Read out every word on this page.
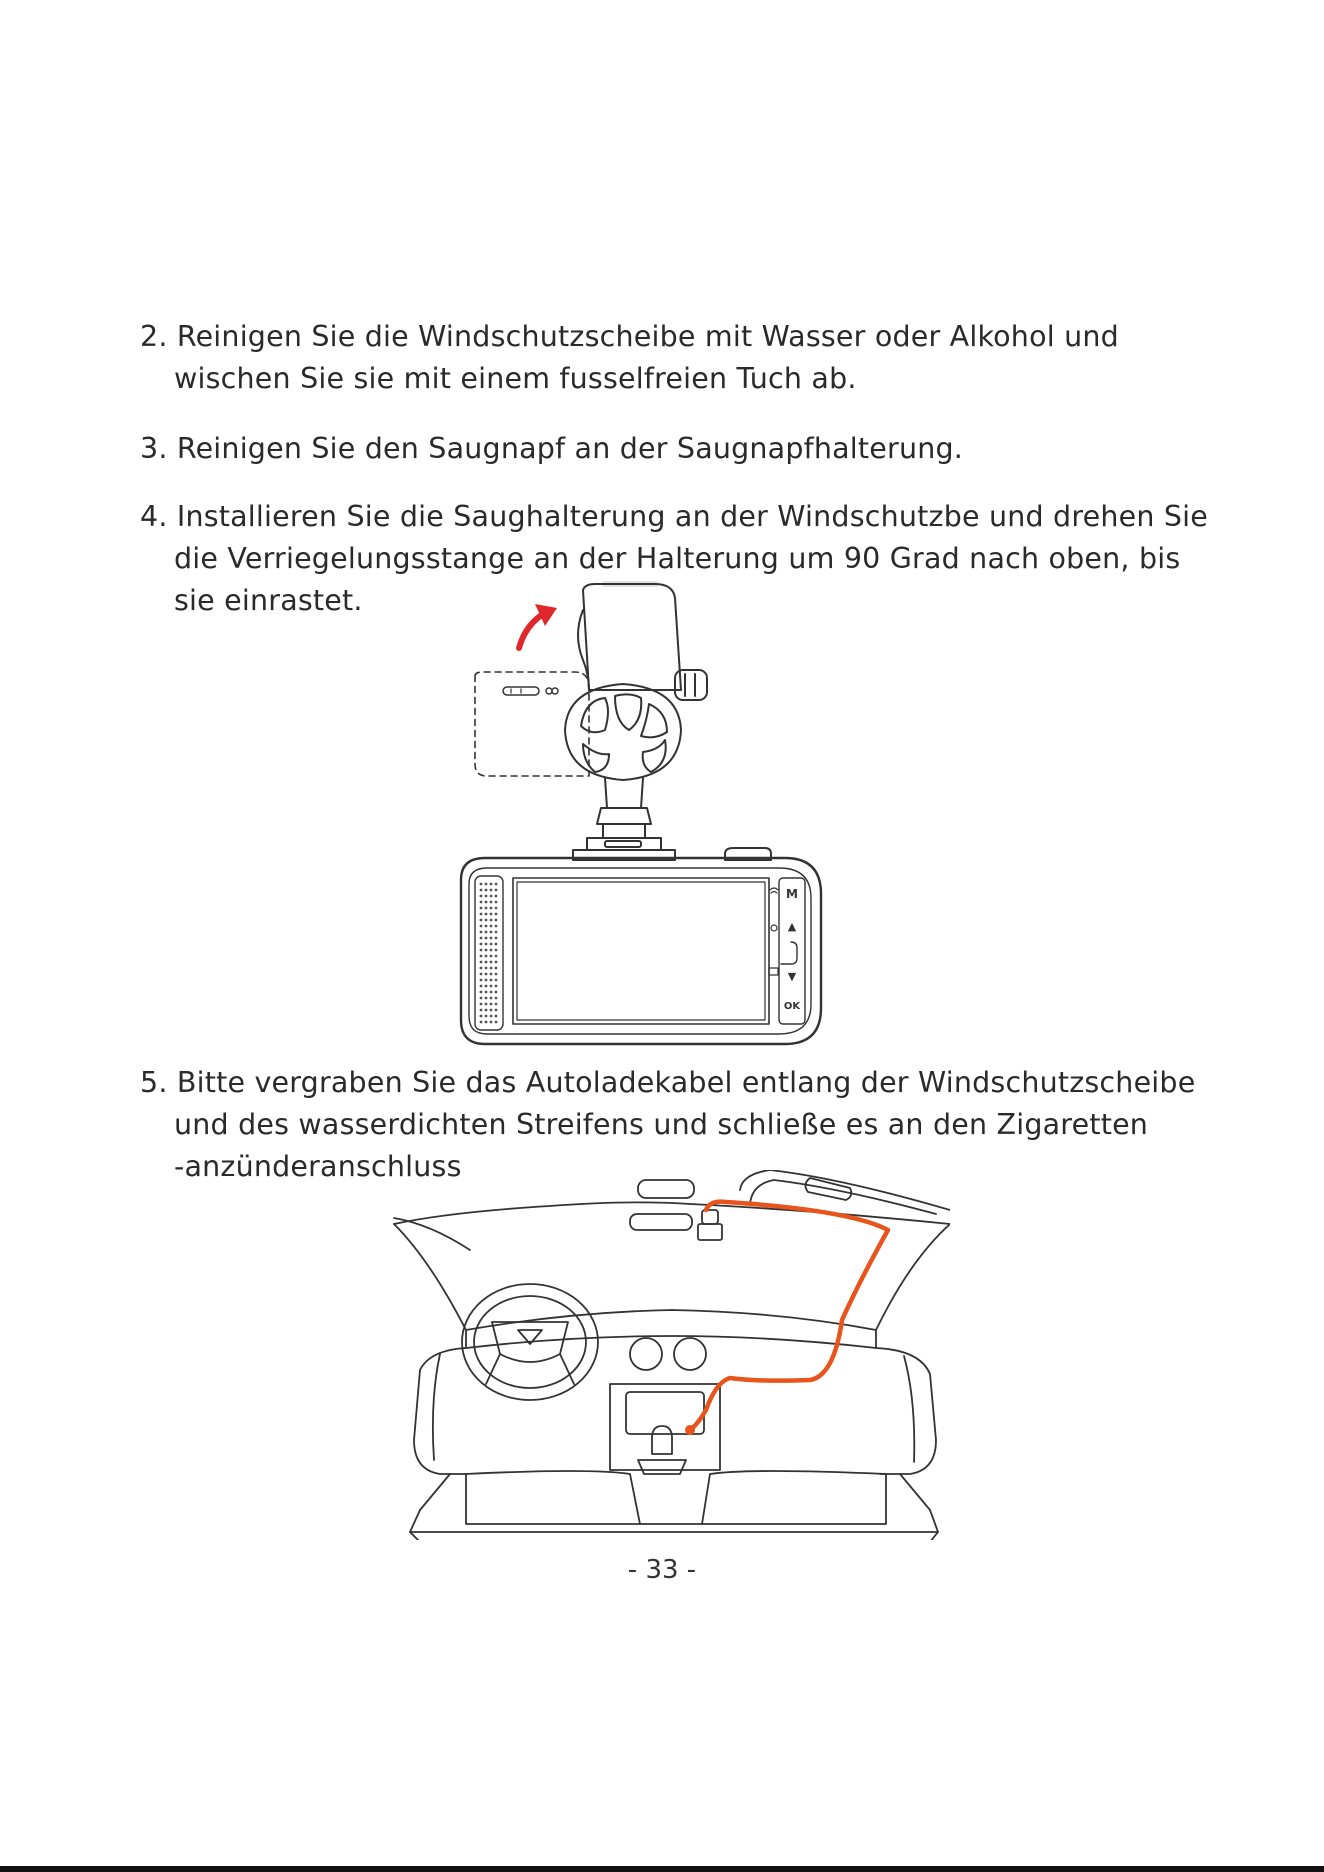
2. Reinigen Sie die Windschutzscheibe mit Wasser oder Alkohol und
wischen Sie sie mit einem fusselfreien Tuch ab.
3. Reinigen Sie den Saugnapf an der Saugnapfhalterung.
4. Installieren Sie die Saughalterung an der Windschutzbe und drehen Sie
die Verriegelungsstange an der Halterung um 90 Grad nach oben, bis
sie einrastet.
M
▲
▼
OK
5. Bitte vergraben Sie das Autoladekabel entlang der Windschutzscheibe
und des wasserdichten Streifens und schließe es an den Zigaretten
-anzünderanschluss
- 33 -
